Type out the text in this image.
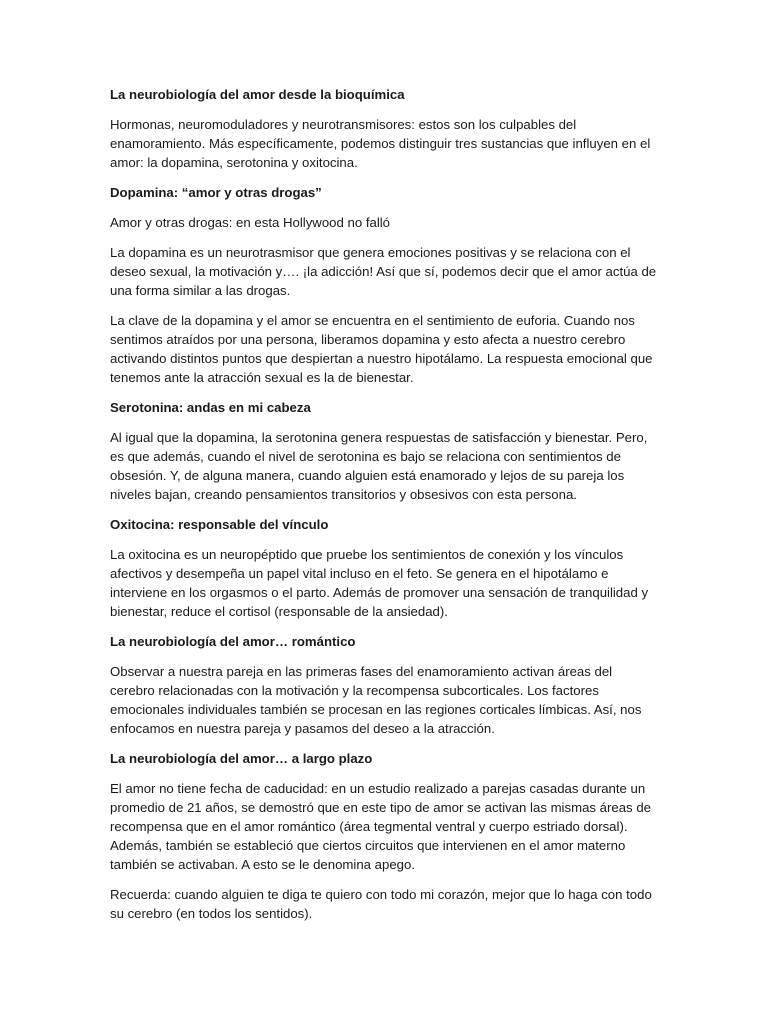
La neurobiología del amor desde la bioquímica

Hormonas, neuromoduladores y neurotransmisores: estos son los culpables del enamoramiento. Más específicamente, podemos distinguir tres sustancias que influyen en el amor: la dopamina, serotonina y oxitocina.

Dopamina: “amor y otras drogas”

Amor y otras drogas: en esta Hollywood no falló

La dopamina es un neurotrasmisor que genera emociones positivas y se relaciona con el deseo sexual, la motivación y…. ¡la adicción! Así que sí, podemos decir que el amor actúa de una forma similar a las drogas.

La clave de la dopamina y el amor se encuentra en el sentimiento de euforia. Cuando nos sentimos atraídos por una persona, liberamos dopamina y esto afecta a nuestro cerebro activando distintos puntos que despiertan a nuestro hipotálamo. La respuesta emocional que tenemos ante la atracción sexual es la de bienestar.

Serotonina: andas en mi cabeza

Al igual que la dopamina, la serotonina genera respuestas de satisfacción y bienestar. Pero, es que además, cuando el nivel de serotonina es bajo se relaciona con sentimientos de obsesión. Y, de alguna manera, cuando alguien está enamorado y lejos de su pareja los niveles bajan, creando pensamientos transitorios y obsesivos con esta persona.

Oxitocina: responsable del vínculo

La oxitocina es un neuropéptido que pruebe los sentimientos de conexión y los vínculos afectivos y desempeña un papel vital incluso en el feto. Se genera en el hipotálamo e interviene en los orgasmos o el parto. Además de promover una sensación de tranquilidad y bienestar, reduce el cortisol (responsable de la ansiedad).

La neurobiología del amor… romántico

Observar a nuestra pareja en las primeras fases del enamoramiento activan áreas del cerebro relacionadas con la motivación y la recompensa subcorticales. Los factores emocionales individuales también se procesan en las regiones corticales límbicas. Así, nos enfocamos en nuestra pareja y pasamos del deseo a la atracción.

La neurobiología del amor… a largo plazo

El amor no tiene fecha de caducidad: en un estudio realizado a parejas casadas durante un promedio de 21 años, se demostró que en este tipo de amor se activan las mismas áreas de recompensa que en el amor romántico (área tegmental ventral y cuerpo estriado dorsal). Además, también se estableció que ciertos circuitos que intervienen en el amor materno también se activaban. A esto se le denomina apego.

Recuerda: cuando alguien te diga te quiero con todo mi corazón, mejor que lo haga con todo su cerebro (en todos los sentidos).
